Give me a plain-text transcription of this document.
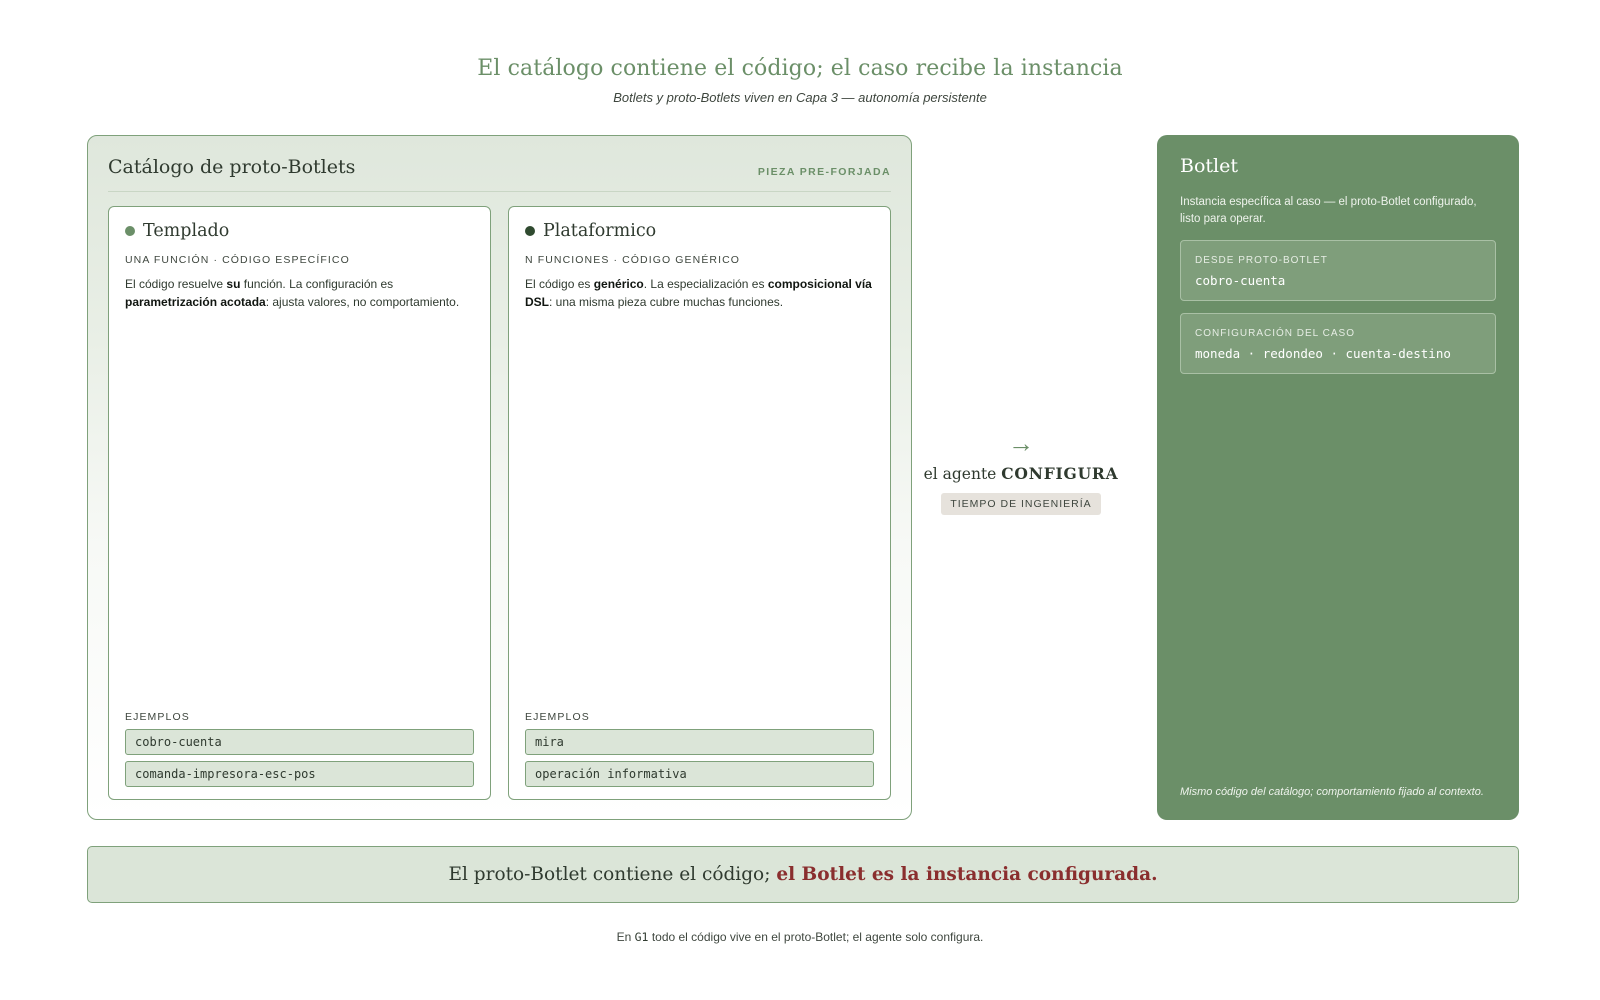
El catálogo contiene el código; el caso recibe la instancia
Botlets y proto-Botlets viven en Capa 3 — autonomía persistente
Catálogo de proto-Botlets	PIEZA PRE-FORJADA
Templado
UNA FUNCIÓN · CÓDIGO ESPECÍFICO
El código resuelve su función. La configuración es parametrización acotada: ajusta valores, no comportamiento.
EJEMPLOS
cobro-cuenta
comanda-impresora-esc-pos
Plataformico
N FUNCIONES · CÓDIGO GENÉRICO
El código es genérico. La especialización es composicional vía DSL: una misma pieza cubre muchas funciones.
EJEMPLOS
mira
operación informativa
→
el agente CONFIGURA
TIEMPO DE INGENIERÍA
Botlet
Instancia específica al caso — el proto-Botlet configurado, listo para operar.
DESDE PROTO-BOTLET
cobro-cuenta
CONFIGURACIÓN DEL CASO
moneda · redondeo · cuenta-destino
Mismo código del catálogo; comportamiento fijado al contexto.
El proto-Botlet contiene el código; el Botlet es la instancia configurada.
En G1 todo el código vive en el proto-Botlet; el agente solo configura.
